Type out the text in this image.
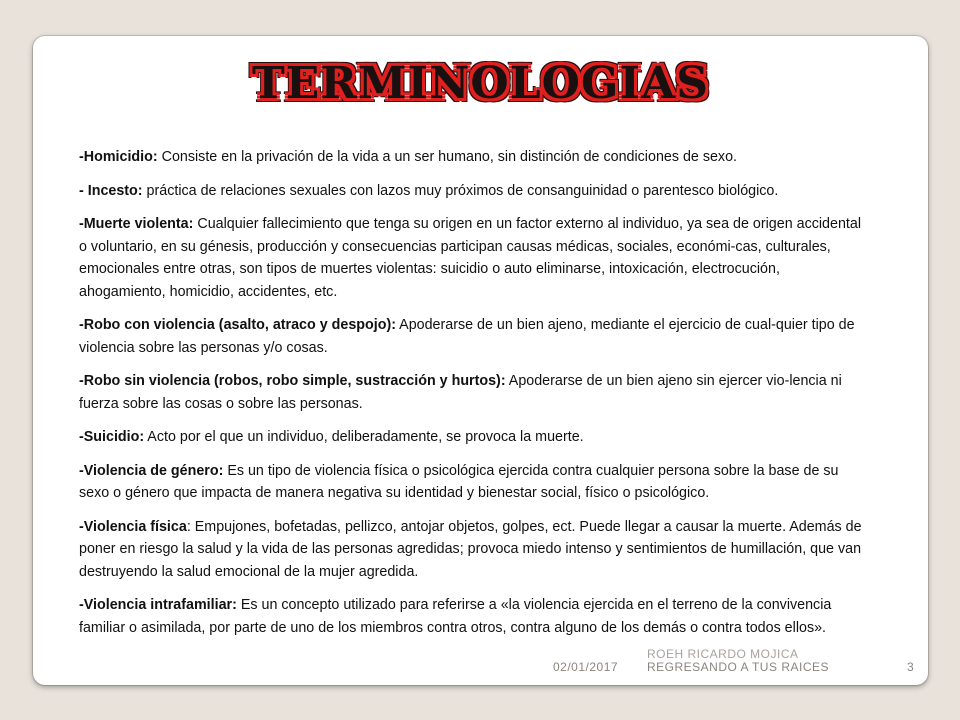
TERMINOLOGIAS

-Homicidio: Consiste en la privación de la vida a un ser humano, sin distinción de condiciones de sexo.

- Incesto: práctica de relaciones sexuales con lazos muy próximos de consanguinidad o parentesco biológico.

-Muerte violenta: Cualquier fallecimiento que tenga su origen en un factor externo al individuo, ya sea de origen accidental o voluntario, en su génesis, producción y consecuencias participan causas médicas, sociales, económi-cas, culturales, emocionales entre otras, son tipos de muertes violentas: suicidio o auto eliminarse, intoxicación, electrocución, ahogamiento, homicidio, accidentes, etc.

-Robo con violencia (asalto, atraco y despojo): Apoderarse de un bien ajeno, mediante el ejercicio de cual-quier tipo de violencia sobre las personas y/o cosas.

-Robo sin violencia (robos, robo simple, sustracción y hurtos): Apoderarse de un bien ajeno sin ejercer vio-lencia ni fuerza sobre las cosas o sobre las personas.

-Suicidio: Acto por el que un individuo, deliberadamente, se provoca la muerte.

-Violencia de género: Es un tipo de violencia física o psicológica ejercida contra cualquier persona sobre la base de su sexo o género que impacta de manera negativa su identidad y bienestar social, físico o psicológico.

-Violencia física: Empujones, bofetadas, pellizco, antojar objetos, golpes, ect. Puede llegar a causar la muerte. Además de poner en riesgo la salud y la vida de las personas agredidas; provoca miedo intenso y sentimientos de humillación, que van destruyendo la salud emocional de la mujer agredida.

-Violencia intrafamiliar: Es un concepto utilizado para referirse a «la violencia ejercida en el terreno de la convivencia familiar o asimilada, por parte de uno de los miembros contra otros, contra alguno de los demás o contra todos ellos».

02/01/2017
ROEH RICARDO MOJICA
REGRESANDO A TUS RAICES	3
